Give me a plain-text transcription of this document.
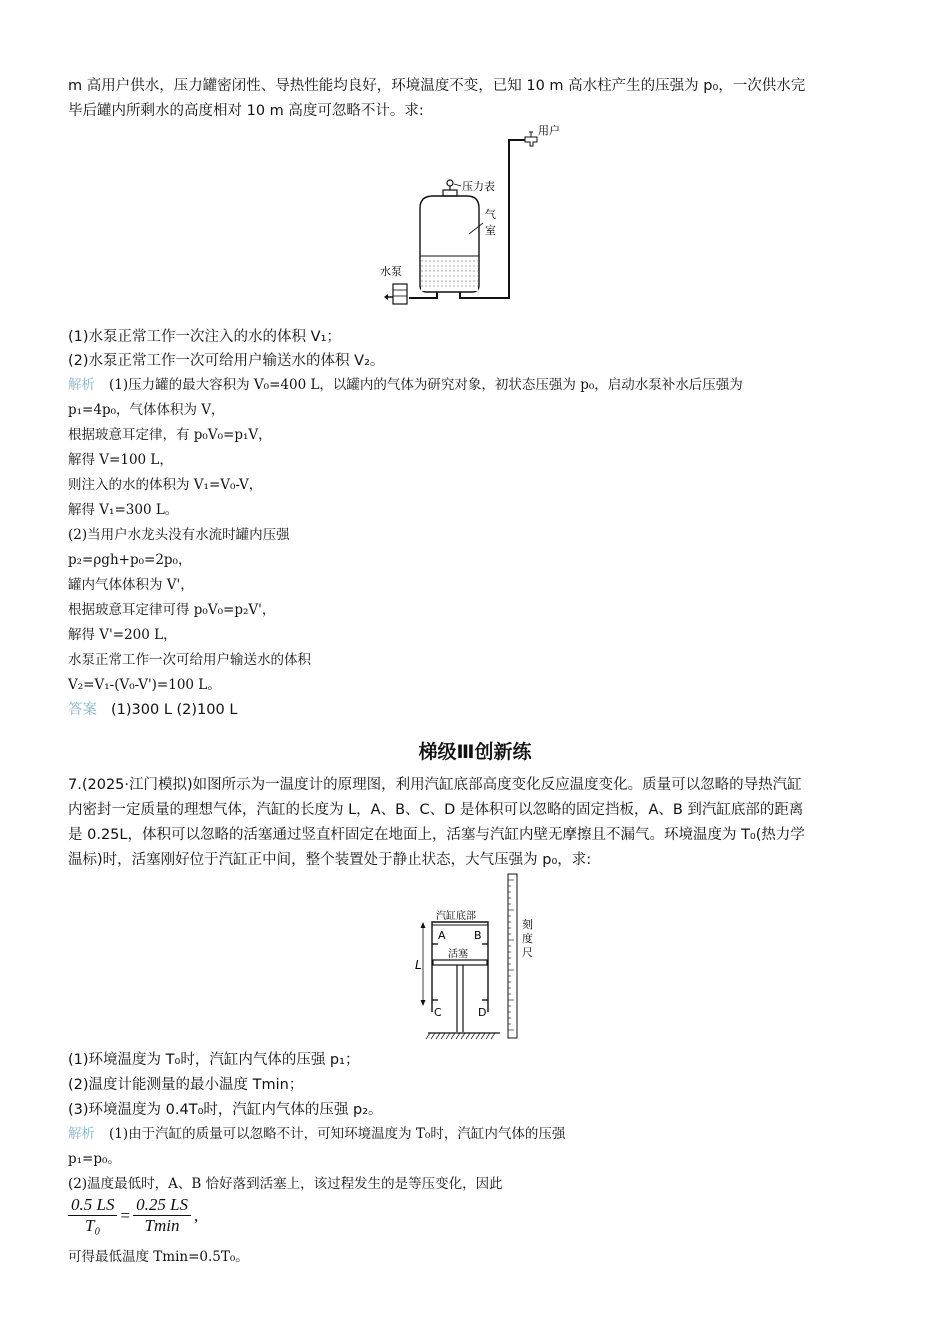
m 高用户供水，压力罐密闭性、导热性能均良好，环境温度不变，已知 10 m 高水柱产生的压强为 p₀，一次供水完
毕后罐内所剩水的高度相对 10 m 高度可忽略不计。求:
(1)水泵正常工作一次注入的水的体积 V₁；
(2)水泵正常工作一次可给用户输送水的体积 V₂。
解析 (1)压力罐的最大容积为 V₀=400 L，以罐内的气体为研究对象，初状态压强为 p₀，启动水泵补水后压强为
p₁=4p₀，气体体积为 V，
根据玻意耳定律，有 p₀V₀=p₁V，
解得 V=100 L，
则注入的水的体积为 V₁=V₀-V，
解得 V₁=300 L。
(2)当用户水龙头没有水流时罐内压强
p₂=ρgh+p₀=2p₀，
罐内气体体积为 V'，
根据玻意耳定律可得 p₀V₀=p₂V'，
解得 V'=200 L，
水泵正常工作一次可给用户输送水的体积
V₂=V₁-(V₀-V')=100 L。
答案 (1)300 L (2)100 L
7.(2025·江门模拟)如图所示为一温度计的原理图，利用汽缸底部高度变化反应温度变化。质量可以忽略的导热汽缸
内密封一定质量的理想气体，汽缸的长度为 L，A、B、C、D 是体积可以忽略的固定挡板，A、B 到汽缸底部的距离
是 0.25L，体积可以忽略的活塞通过竖直杆固定在地面上，活塞与汽缸内壁无摩擦且不漏气。环境温度为 T₀(热力学
温标)时，活塞刚好位于汽缸正中间，整个装置处于静止状态，大气压强为 p₀，求:
(1)环境温度为 T₀时，汽缸内气体的压强 p₁；
(2)温度计能测量的最小温度 Tmin；
(3)环境温度为 0.4T₀时，汽缸内气体的压强 p₂。
解析 (1)由于汽缸的质量可以忽略不计，可知环境温度为 T₀时，汽缸内气体的压强
p₁=p₀。
(2)温度最低时，A、B 恰好落到活塞上，该过程发生的是等压变化，因此
可得最低温度 Tmin=0.5T₀。
梯级Ⅲ创新练
压力表
气
室
用户
水泵
刻
度
尺
汽缸底部
A	B
活塞
C	D
L
$\frac{0.5 LS}{\text{T₀}} = \frac{0.25 LS}{Tmin}$ ,
